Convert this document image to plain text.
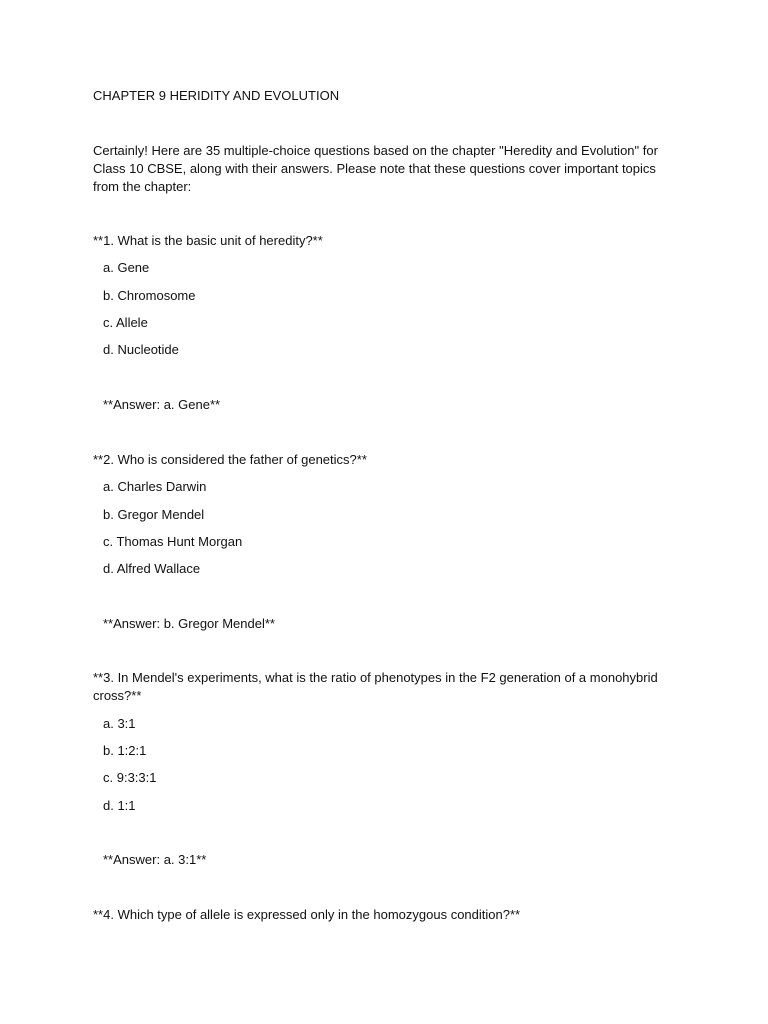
CHAPTER 9 HERIDITY AND EVOLUTION

Certainly! Here are 35 multiple-choice questions based on the chapter "Heredity and Evolution" for Class 10 CBSE, along with their answers. Please note that these questions cover important topics from the chapter:

**1. What is the basic unit of heredity?**

a. Gene

b. Chromosome

c. Allele

d. Nucleotide

**Answer: a. Gene**

**2. Who is considered the father of genetics?**

a. Charles Darwin

b. Gregor Mendel

c. Thomas Hunt Morgan

d. Alfred Wallace

**Answer: b. Gregor Mendel**

**3. In Mendel's experiments, what is the ratio of phenotypes in the F2 generation of a monohybrid cross?**

a. 3:1

b. 1:2:1

c. 9:3:3:1

d. 1:1

**Answer: a. 3:1**

**4. Which type of allele is expressed only in the homozygous condition?**
